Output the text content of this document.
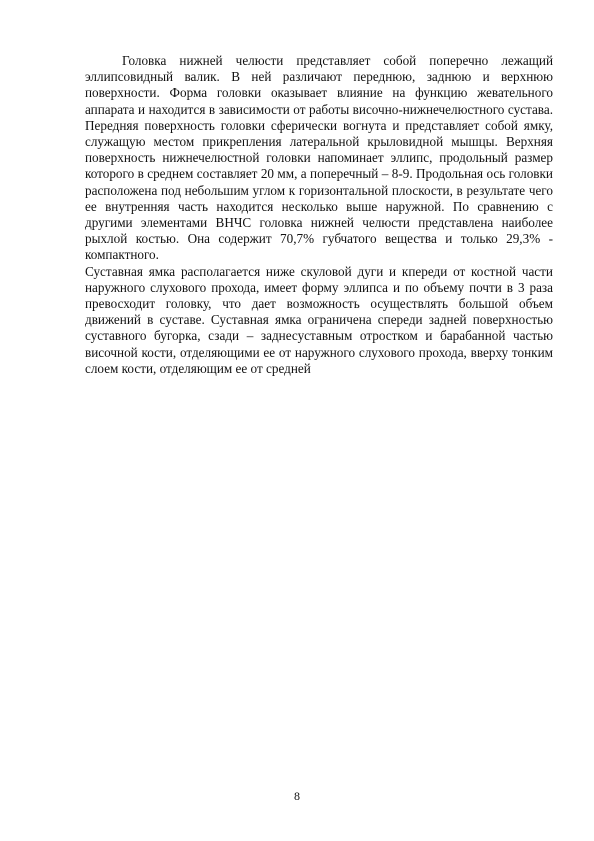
Головка нижней челюсти представляет собой поперечно лежащий эллипсовидный валик. В ней различают переднюю, заднюю и верхнюю поверхности. Форма головки оказывает влияние на функцию жевательного аппарата и находится в зависимости от работы височно-нижнечелюстного сустава. Передняя поверхность головки сферически вогнута и представляет собой ямку, служащую местом прикрепления латеральной крыловидной мышцы. Верхняя поверхность нижнечелюстной головки напоминает эллипс, продольный размер которого в среднем составляет 20 мм, а поперечный – 8-9. Продольная ось головки расположена под небольшим углом к горизонтальной плоскости, в результате чего ее внутренняя часть находится несколько выше наружной. По сравнению с другими элементами ВНЧС головка нижней челюсти представлена наиболее рыхлой костью. Она содержит 70,7% губчатого вещества и только 29,3% - компактного.

Суставная ямка располагается ниже скуловой дуги и кпереди от костной части наружного слухового прохода, имеет форму эллипса и по объему почти в 3 раза превосходит головку, что дает возможность осуществлять большой объем движений в суставе. Суставная ямка ограничена спереди задней поверхностью суставного бугорка, сзади – заднесуставным отростком и барабанной частью височной кости, отделяющими ее от наружного слухового прохода, вверху тонким слоем кости, отделяющим ее от средней

8
